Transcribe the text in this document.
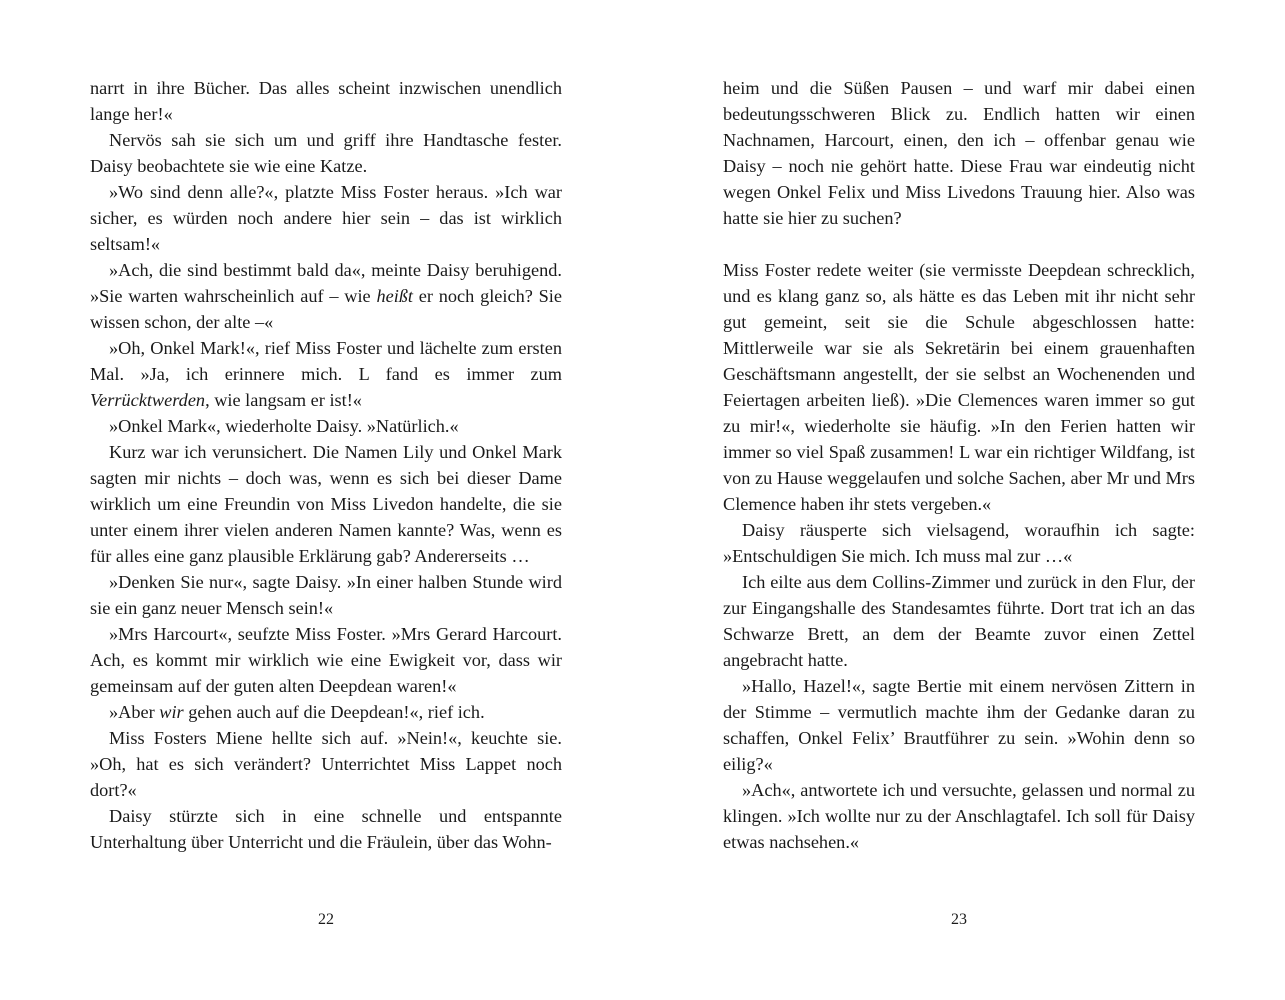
narrt in ihre Bücher. Das alles scheint inzwischen unendlich lange her!«

Nervös sah sie sich um und griff ihre Handtasche fester. Daisy beobachtete sie wie eine Katze.

»Wo sind denn alle?«, platzte Miss Foster heraus. »Ich war sicher, es würden noch andere hier sein – das ist wirklich seltsam!«

»Ach, die sind bestimmt bald da«, meinte Daisy beruhigend. »Sie warten wahrscheinlich auf – wie heißt er noch gleich? Sie wissen schon, der alte –«

»Oh, Onkel Mark!«, rief Miss Foster und lächelte zum ersten Mal. »Ja, ich erinnere mich. L fand es immer zum Verrücktwerden, wie langsam er ist!«

»Onkel Mark«, wiederholte Daisy. »Natürlich.«

Kurz war ich verunsichert. Die Namen Lily und Onkel Mark sagten mir nichts – doch was, wenn es sich bei dieser Dame wirklich um eine Freundin von Miss Livedon handelte, die sie unter einem ihrer vielen anderen Namen kannte? Was, wenn es für alles eine ganz plausible Erklärung gab? Andererseits …

»Denken Sie nur«, sagte Daisy. »In einer halben Stunde wird sie ein ganz neuer Mensch sein!«

»Mrs Harcourt«, seufzte Miss Foster. »Mrs Gerard Harcourt. Ach, es kommt mir wirklich wie eine Ewigkeit vor, dass wir gemeinsam auf der guten alten Deepdean waren!«

»Aber wir gehen auch auf die Deepdean!«, rief ich.

Miss Fosters Miene hellte sich auf. »Nein!«, keuchte sie. »Oh, hat es sich verändert? Unterrichtet Miss Lappet noch dort?«

Daisy stürzte sich in eine schnelle und entspannte Unterhaltung über Unterricht und die Fräulein, über das Wohn-

22

heim und die Süßen Pausen – und warf mir dabei einen bedeutungsschweren Blick zu. Endlich hatten wir einen Nachnamen, Harcourt, einen, den ich – offenbar genau wie Daisy – noch nie gehört hatte. Diese Frau war eindeutig nicht wegen Onkel Felix und Miss Livedons Trauung hier. Also was hatte sie hier zu suchen?

Miss Foster redete weiter (sie vermisste Deepdean schrecklich, und es klang ganz so, als hätte es das Leben mit ihr nicht sehr gut gemeint, seit sie die Schule abgeschlossen hatte: Mittlerweile war sie als Sekretärin bei einem grauenhaften Geschäftsmann angestellt, der sie selbst an Wochenenden und Feiertagen arbeiten ließ). »Die Clemences waren immer so gut zu mir!«, wiederholte sie häufig. »In den Ferien hatten wir immer so viel Spaß zusammen! L war ein richtiger Wildfang, ist von zu Hause weggelaufen und solche Sachen, aber Mr und Mrs Clemence haben ihr stets vergeben.«

Daisy räusperte sich vielsagend, woraufhin ich sagte: »Entschuldigen Sie mich. Ich muss mal zur …«

Ich eilte aus dem Collins-Zimmer und zurück in den Flur, der zur Eingangshalle des Standesamtes führte. Dort trat ich an das Schwarze Brett, an dem der Beamte zuvor einen Zettel angebracht hatte.

»Hallo, Hazel!«, sagte Bertie mit einem nervösen Zittern in der Stimme – vermutlich machte ihm der Gedanke daran zu schaffen, Onkel Felix’ Brautführer zu sein. »Wohin denn so eilig?«

»Ach«, antwortete ich und versuchte, gelassen und normal zu klingen. »Ich wollte nur zu der Anschlagtafel. Ich soll für Daisy etwas nachsehen.«

23
